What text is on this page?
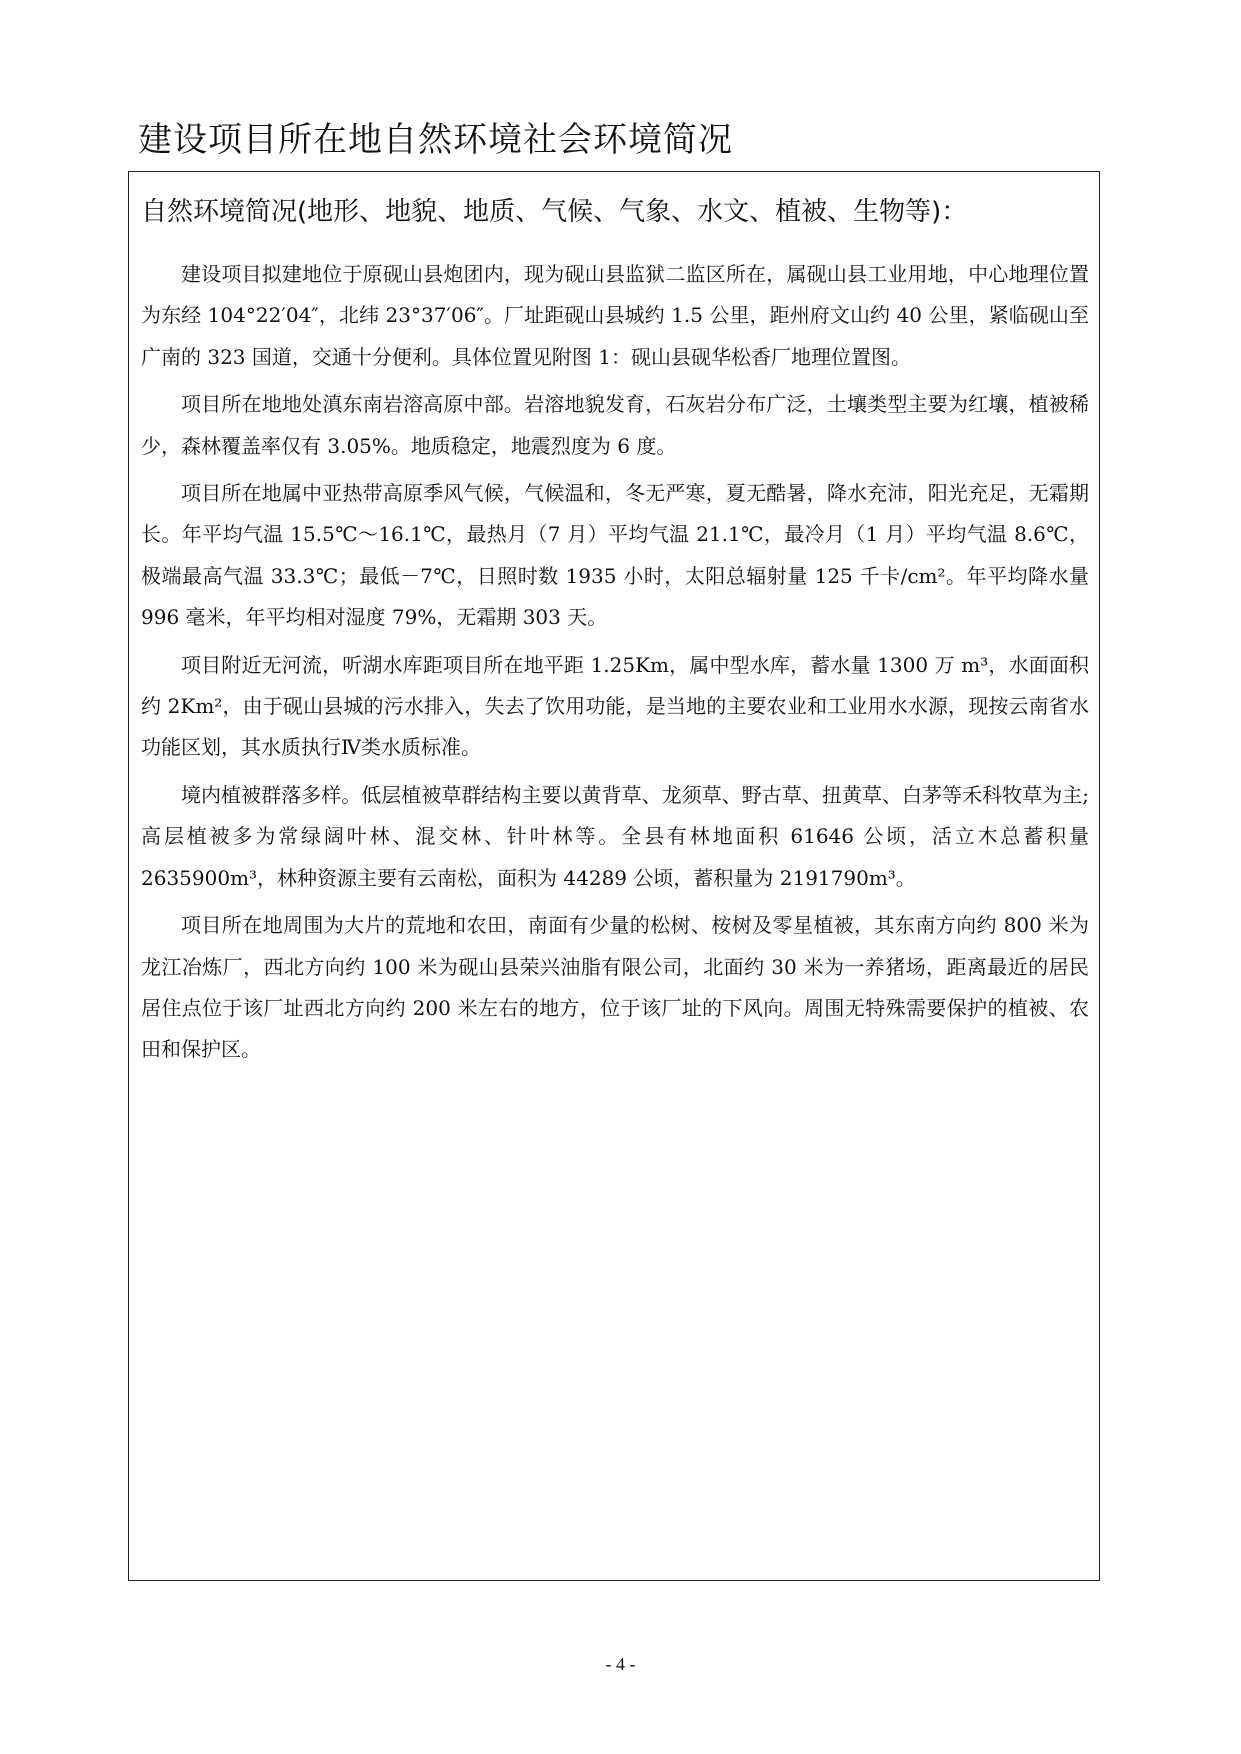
建设项目所在地自然环境社会环境简况
自然环境简况(地形、地貌、地质、气候、气象、水文、植被、生物等)：

建设项目拟建地位于原砚山县炮团内，现为砚山县监狱二监区所在，属砚山县工业用地，中心地理位置为东经 104°22′04″，北纬 23°37′06″。厂址距砚山县城约 1.5 公里，距州府文山约 40 公里，紧临砚山至广南的 323 国道，交通十分便利。具体位置见附图 1：砚山县砚华松香厂地理位置图。

项目所在地地处滇东南岩溶高原中部。岩溶地貌发育，石灰岩分布广泛，土壤类型主要为红壤，植被稀少，森林覆盖率仅有 3.05%。地质稳定，地震烈度为 6 度。

项目所在地属中亚热带高原季风气候，气候温和，冬无严寒，夏无酷暑，降水充沛，阳光充足，无霜期长。年平均气温 15.5℃～16.1℃，最热月（7 月）平均气温 21.1℃，最冷月（1 月）平均气温 8.6℃，极端最高气温 33.3℃；最低－7℃，日照时数 1935 小时，太阳总辐射量 125 千卡/cm²。年平均降水量 996 毫米，年平均相对湿度 79%，无霜期 303 天。

项目附近无河流，听湖水库距项目所在地平距 1.25Km，属中型水库，蓄水量 1300 万 m³，水面面积约 2Km²，由于砚山县城的污水排入，失去了饮用功能，是当地的主要农业和工业用水水源，现按云南省水功能区划，其水质执行Ⅳ类水质标准。

境内植被群落多样。低层植被草群结构主要以黄背草、龙须草、野古草、扭黄草、白茅等禾科牧草为主; 高层植被多为常绿阔叶林、混交林、针叶林等。全县有林地面积 61646 公顷，活立木总蓄积量 2635900m³，林种资源主要有云南松，面积为 44289 公顷，蓄积量为 2191790m³。

项目所在地周围为大片的荒地和农田，南面有少量的松树、桉树及零星植被，其东南方向约 800 米为龙江冶炼厂，西北方向约 100 米为砚山县荣兴油脂有限公司，北面约 30 米为一养猪场，距离最近的居民居住点位于该厂址西北方向约 200 米左右的地方，位于该厂址的下风向。周围无特殊需要保护的植被、农田和保护区。

- 4 -
